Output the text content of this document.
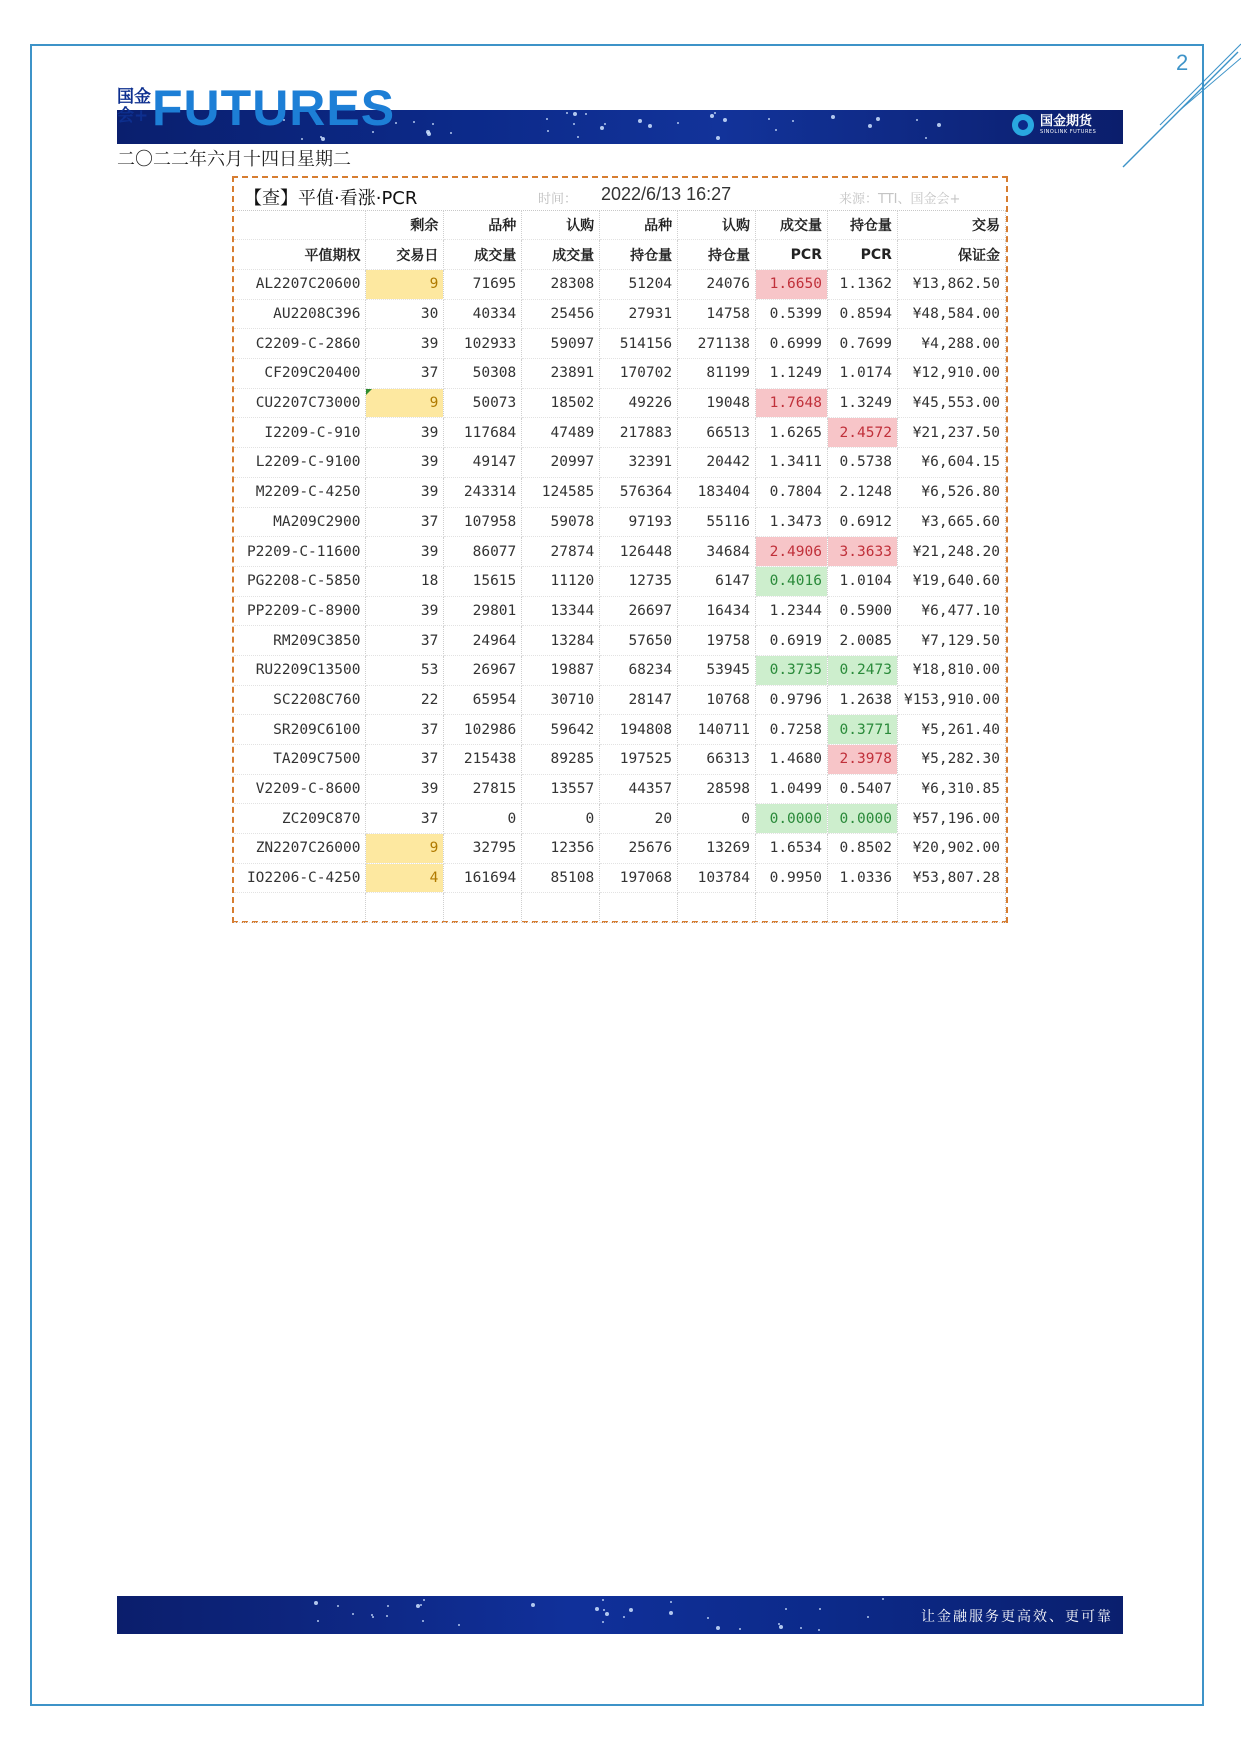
2
国金会+ FUTURES	国金期货
SINOLINK FUTURES
二〇二二年六月十四日星期二
【查】平值·看涨·PCR	时间： 2022/6/13 16:27	来源：TTI、国金会+
	剩余	品种	认购	品种	认购	成交量	持仓量	交易
平值期权	交易日	成交量	成交量	持仓量	持仓量	PCR	PCR	保证金
AL2207C20600	9	71695	28308	51204	24076	1.6650	1.1362	¥13,862.50
AU2208C396	30	40334	25456	27931	14758	0.5399	0.8594	¥48,584.00
C2209-C-2860	39	102933	59097	514156	271138	0.6999	0.7699	¥4,288.00
CF209C20400	37	50308	23891	170702	81199	1.1249	1.0174	¥12,910.00
CU2207C73000	9	50073	18502	49226	19048	1.7648	1.3249	¥45,553.00
I2209-C-910	39	117684	47489	217883	66513	1.6265	2.4572	¥21,237.50
L2209-C-9100	39	49147	20997	32391	20442	1.3411	0.5738	¥6,604.15
M2209-C-4250	39	243314	124585	576364	183404	0.7804	2.1248	¥6,526.80
MA209C2900	37	107958	59078	97193	55116	1.3473	0.6912	¥3,665.60
P2209-C-11600	39	86077	27874	126448	34684	2.4906	3.3633	¥21,248.20
PG2208-C-5850	18	15615	11120	12735	6147	0.4016	1.0104	¥19,640.60
PP2209-C-8900	39	29801	13344	26697	16434	1.2344	0.5900	¥6,477.10
RM209C3850	37	24964	13284	57650	19758	0.6919	2.0085	¥7,129.50
RU2209C13500	53	26967	19887	68234	53945	0.3735	0.2473	¥18,810.00
SC2208C760	22	65954	30710	28147	10768	0.9796	1.2638	¥153,910.00
SR209C6100	37	102986	59642	194808	140711	0.7258	0.3771	¥5,261.40
TA209C7500	37	215438	89285	197525	66313	1.4680	2.3978	¥5,282.30
V2209-C-8600	39	27815	13557	44357	28598	1.0499	0.5407	¥6,310.85
ZC209C870	37	0	0	20	0	0.0000	0.0000	¥57,196.00
ZN2207C26000	9	32795	12356	25676	13269	1.6534	0.8502	¥20,902.00
IO2206-C-4250	4	161694	85108	197068	103784	0.9950	1.0336	¥53,807.28

让金融服务更高效、更可靠
